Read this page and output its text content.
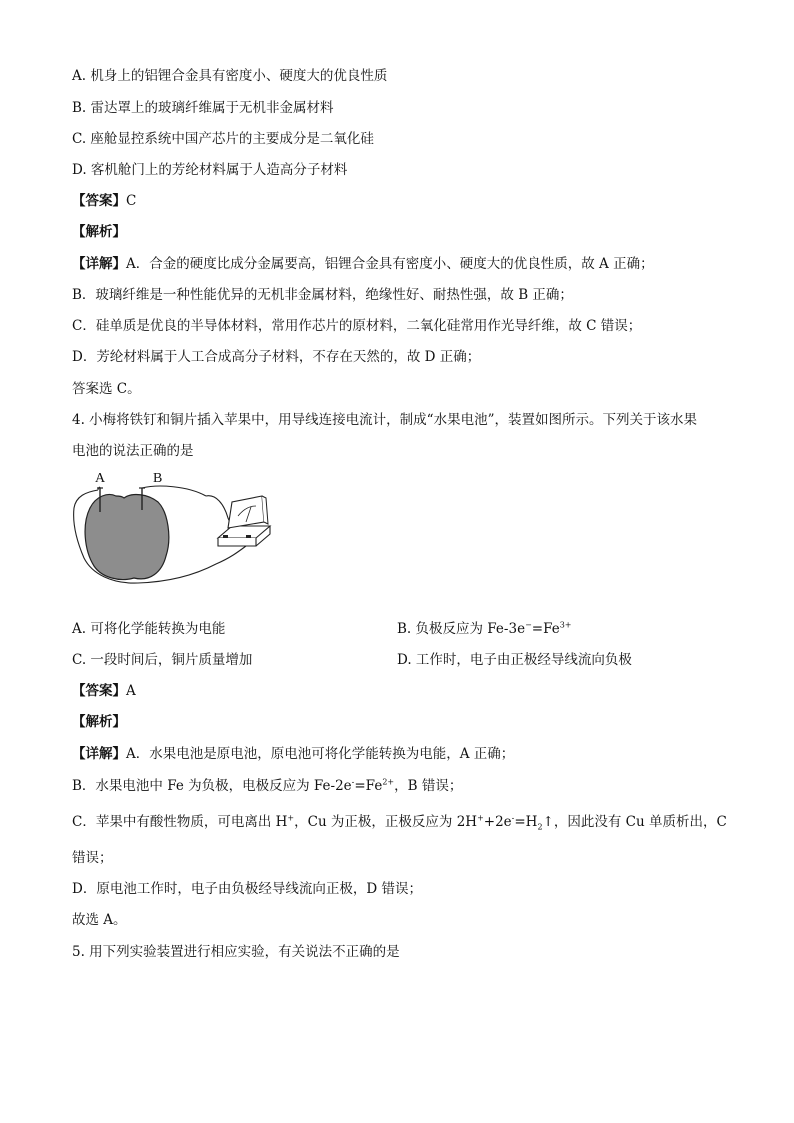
A. 机身上的铝锂合金具有密度小、硬度大的优良性质
B. 雷达罩上的玻璃纤维属于无机非金属材料
C. 座舱显控系统中国产芯片的主要成分是二氧化硅
D. 客机舱门上的芳纶材料属于人造高分子材料
【答案】C
【解析】
【详解】A．合金的硬度比成分金属要高，铝锂合金具有密度小、硬度大的优良性质，故 A 正确；
B．玻璃纤维是一种性能优异的无机非金属材料，绝缘性好、耐热性强，故 B 正确；
C．硅单质是优良的半导体材料，常用作芯片的原材料，二氧化硅常用作光导纤维，故 C 错误；
D．芳纶材料属于人工合成高分子材料，不存在天然的，故 D 正确；
答案选 C。
4. 小梅将铁钉和铜片插入苹果中，用导线连接电流计，制成“水果电池”，装置如图所示。下列关于该水果
电池的说法正确的是
A	B
A. 可将化学能转换为电能	B. 负极反应为 $Fe-3e^-=Fe^{3+}$
C. 一段时间后，铜片质量增加	D. 工作时，电子由正极经导线流向负极
【答案】A
【解析】
【详解】A．水果电池是原电池，原电池可将化学能转换为电能，A 正确；
B．水果电池中 Fe 为负极，电极反应为 $Fe-2e^-=Fe^{2+}$，B 错误；
C．苹果中有酸性物质，可电离出 H+，Cu 为正极，正极反应为 $2H^++2e^-=H_2↑$，因此没有 Cu 单质析出，C
错误；
D．原电池工作时，电子由负极经导线流向正极，D 错误；
故选 A。
5. 用下列实验装置进行相应实验，有关说法不正确的是
